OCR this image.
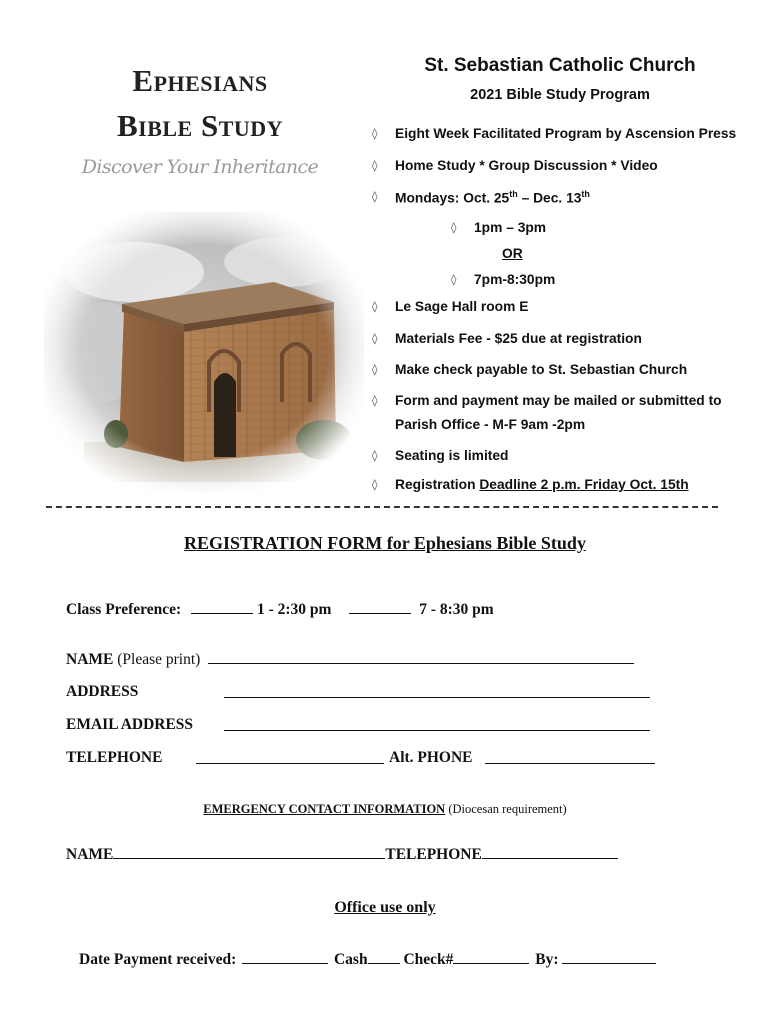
Ephesians
Bible Study
Discover Your Inheritance
St. Sebastian Catholic Church
2021 Bible Study Program
◊ Eight Week Facilitated Program by Ascension Press
◊ Home Study * Group Discussion * Video
◊ Mondays: Oct. 25th – Dec. 13th
◊ 1pm – 3pm
OR
◊ 7pm-8:30pm
◊ Le Sage Hall room E
◊ Materials Fee - $25 due at registration
◊ Make check payable to St. Sebastian Church
◊ Form and payment may be mailed or submitted to
Parish Office - M-F 9am -2pm
◊ Seating is limited
◊ Registration Deadline 2 p.m. Friday Oct. 15th
REGISTRATION FORM for Ephesians Bible Study
Class Preference:	1 - 2:30 pm	7 - 8:30 pm
NAME (Please print)
ADDRESS
EMAIL ADDRESS
TELEPHONE	Alt. PHONE
EMERGENCY CONTACT INFORMATION (Diocesan requirement)
NAME	TELEPHONE
Office use only
Date Payment received:	Cash Check#	By:
